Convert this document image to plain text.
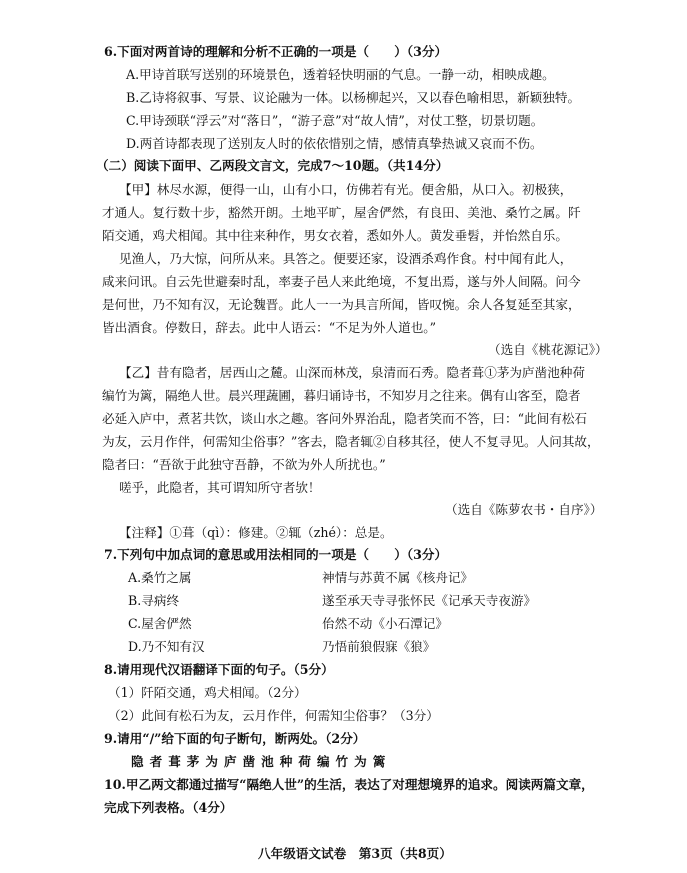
6.下面对两首诗的理解和分析不正确的一项是（　　）（3分）
A.甲诗首联写送别的环境景色，透着轻快明丽的气息。一静一动，相映成趣。
B.乙诗将叙事、写景、议论融为一体。以杨柳起兴，又以春色喻相思，新颖独特。
C.甲诗颈联“浮云”对“落日”，“游子意”对“故人情”，对仗工整，切景切题。
D.两首诗都表现了送别友人时的依依惜别之情，感情真挚热诚又哀而不伤。
（二）阅读下面甲、乙两段文言文，完成7～10题。（共14分）
【甲】林尽水源，便得一山，山有小口，仿佛若有光。便舍船，从口入。初极狭，
才通人。复行数十步，豁然开朗。土地平旷，屋舍俨然，有良田、美池、桑竹之属。阡
陌交通，鸡犬相闻。其中往来种作，男女衣着，悉如外人。黄发垂髫，并怡然自乐。
见渔人，乃大惊，问所从来。具答之。便要还家，设酒杀鸡作食。村中闻有此人，
咸来问讯。自云先世避秦时乱，率妻子邑人来此绝境，不复出焉，遂与外人间隔。问今
是何世，乃不知有汉，无论魏晋。此人一一为具言所闻，皆叹惋。余人各复延至其家，
皆出酒食。停数日，辞去。此中人语云：“不足为外人道也。”
（选自《桃花源记》）
【乙】昔有隐者，居西山之麓。山深而林茂，泉清而石秀。隐者葺①茅为庐凿池种荷
编竹为篱，隔绝人世。晨兴理蔬圃，暮归诵诗书，不知岁月之往来。偶有山客至，隐者
必延入庐中，煮茗共饮，谈山水之趣。客问外界治乱，隐者笑而不答，曰：“此间有松石
为友，云月作伴，何需知尘俗事？”客去，隐者辄②自移其径，使人不复寻见。人问其故，
隐者曰：“吾欲于此独守吾静，不欲为外人所扰也。”
嗟乎，此隐者，其可谓知所守者欤！
（选自《陈萝农书・自序》）
【注释】①葺（qì）：修建。②辄（zhé）：总是。
7.下列句中加点词的意思或用法相同的一项是（　　）（3分）
A.桑竹之属	神情与苏黄不属《核舟记》
B.寻病终	遂至承天寺寻张怀民《记承天寺夜游》
C.屋舍俨然	佁然不动《小石潭记》
D.乃不知有汉	乃悟前狼假寐《狼》
8.请用现代汉语翻译下面的句子。（5分）
（1）阡陌交通，鸡犬相闻。（2分）
（2）此间有松石为友，云月作伴，何需知尘俗事？（3分）
9.请用“/”给下面的句子断句，断两处。（2分）
隐者葺茅为庐凿池种荷编竹为篱
10.甲乙两文都通过描写“隔绝人世”的生活，表达了对理想境界的追求。阅读两篇文章，
完成下列表格。（4分）
八年级语文试卷　第3页（共8页）
